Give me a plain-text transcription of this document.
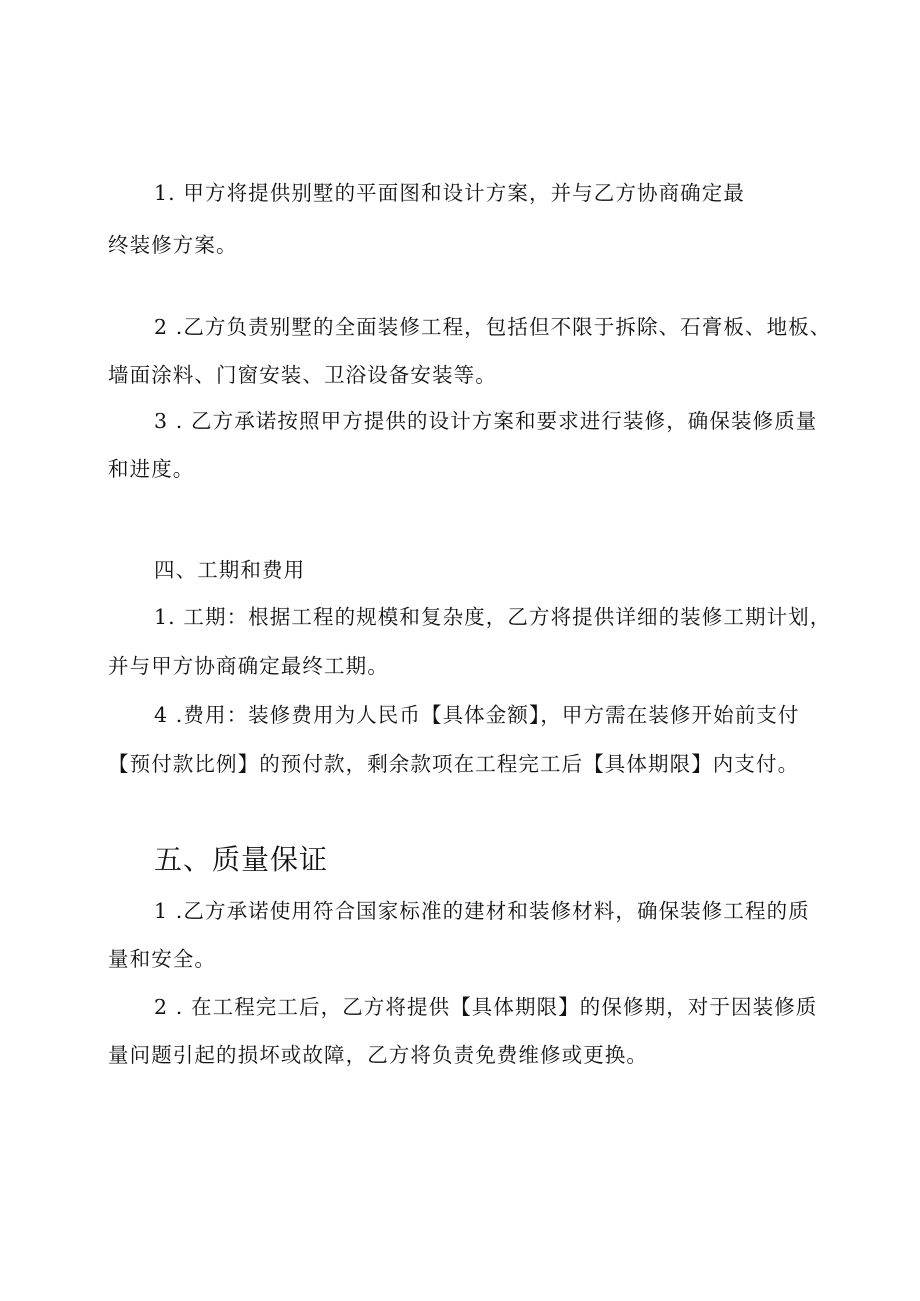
1. 甲方将提供别墅的平面图和设计方案，并与乙方协商确定最
终装修方案。
2 .乙方负责别墅的全面装修工程，包括但不限于拆除、石膏板、地板、
墙面涂料、门窗安装、卫浴设备安装等。
3 . 乙方承诺按照甲方提供的设计方案和要求进行装修，确保装修质量
和进度。
四、工期和费用
1. 工期：根据工程的规模和复杂度，乙方将提供详细的装修工期计划，
并与甲方协商确定最终工期。
4 .费用：装修费用为人民币【具体金额】，甲方需在装修开始前支付
【预付款比例】的预付款，剩余款项在工程完工后【具体期限】内支付。
五、质量保证
1 .乙方承诺使用符合国家标准的建材和装修材料，确保装修工程的质
量和安全。
2 . 在工程完工后，乙方将提供【具体期限】的保修期，对于因装修质
量问题引起的损坏或故障，乙方将负责免费维修或更换。
